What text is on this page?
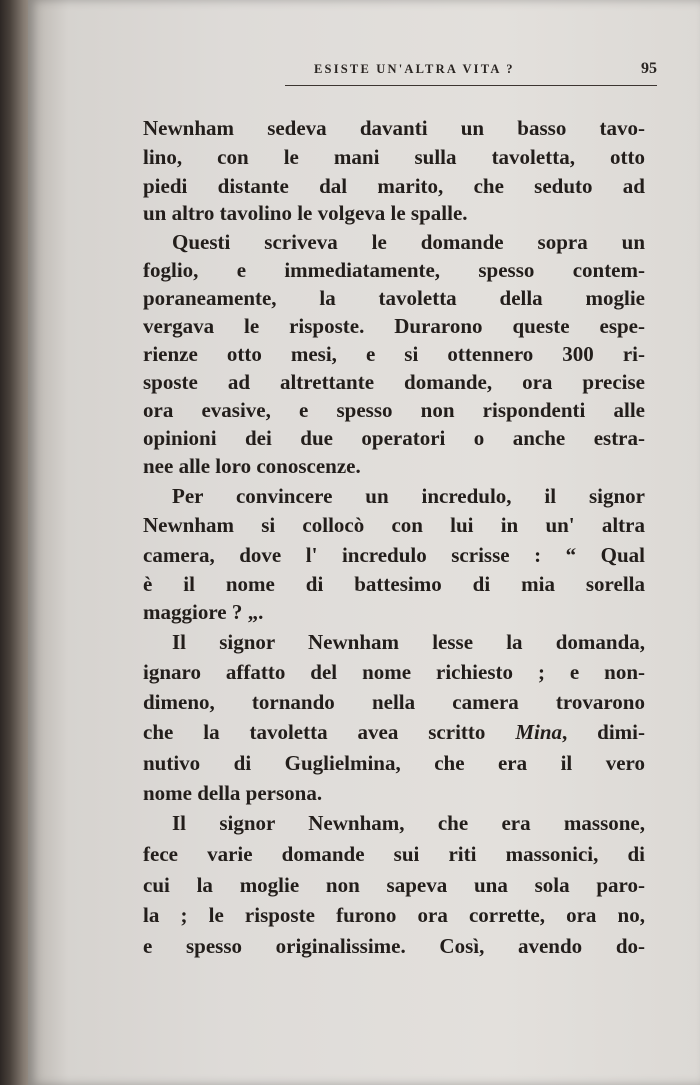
ESISTE UN'ALTRA VITA ?	95
Newnham sedeva davanti un basso tavo-
lino, con le mani sulla tavoletta, otto
piedi distante dal marito, che seduto ad
un altro tavolino le volgeva le spalle.
Questi scriveva le domande sopra un
foglio, e immediatamente, spesso contem-
poraneamente, la tavoletta della moglie
vergava le risposte. Durarono queste espe-
rienze otto mesi, e si ottennero 300 ri-
sposte ad altrettante domande, ora precise
ora evasive, e spesso non rispondenti alle
opinioni dei due operatori o anche estra-
nee alle loro conoscenze.
Per convincere un incredulo, il signor
Newnham si collocò con lui in un' altra
camera, dove l' incredulo scrisse : “ Qual
è il nome di battesimo di mia sorella
maggiore ? „.
Il signor Newnham lesse la domanda,
ignaro affatto del nome richiesto ; e non-
dimeno, tornando nella camera trovarono
che la tavoletta avea scritto Mina, dimi-
nutivo di Guglielmina, che era il vero
nome della persona.
Il signor Newnham, che era massone,
fece varie domande sui riti massonici, di
cui la moglie non sapeva una sola paro-
la ; le risposte furono ora corrette, ora no,
e spesso originalissime. Così, avendo do-
